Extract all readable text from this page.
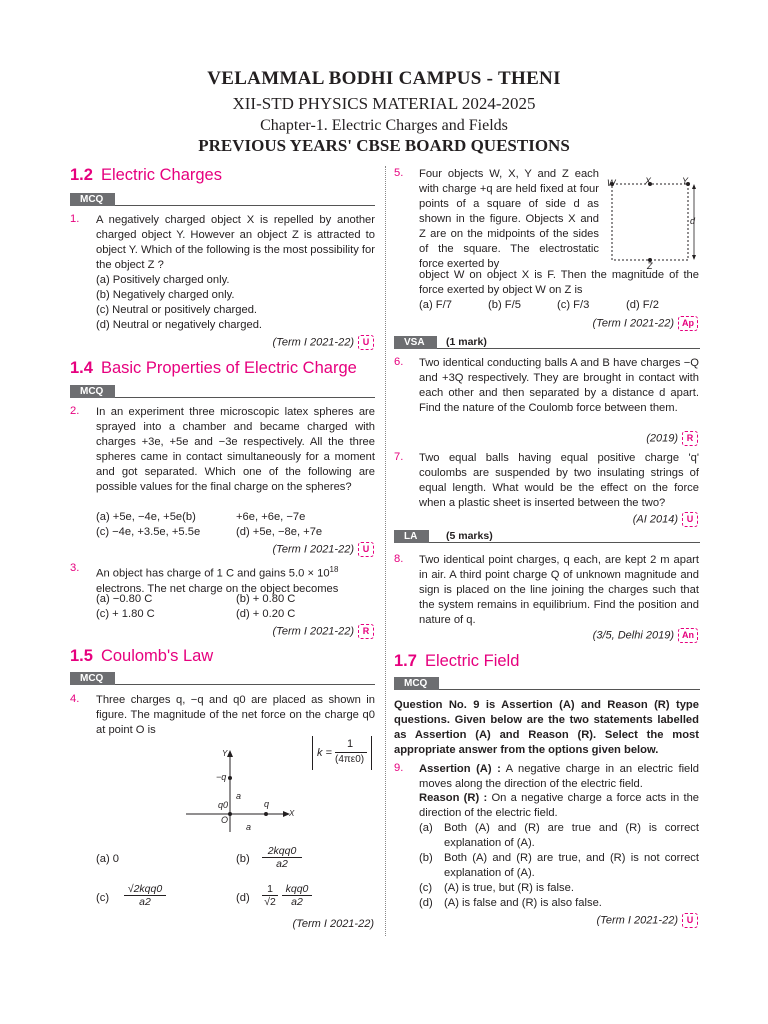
VELAMMAL BODHI CAMPUS - THENI
XII-STD PHYSICS MATERIAL 2024-2025
Chapter-1. Electric Charges and Fields
PREVIOUS YEARS' CBSE BOARD QUESTIONS
1.2 Electric Charges
MCQ
1. A negatively charged object X is repelled by another charged object Y. However an object Z is attracted to object Y. Which of the following is the most possibility for the object Z ?
(a) Positively charged only.
(b) Negatively charged only.
(c) Neutral or positively charged.
(d) Neutral or negatively charged.
(Term I 2021-22) U
1.4 Basic Properties of Electric Charge
MCQ
2. In an experiment three microscopic latex spheres are sprayed into a chamber and became charged with charges +3e, +5e and −3e respectively. All the three spheres came in contact simultaneously for a moment and got separated. Which one of the following are possible values for the final charge on the spheres?
(a) +5e, −4e, +5e(b)	+6e, +6e, −7e
(c) −4e, +3.5e, +5.5e	(d) +5e, −8e, +7e
(Term I 2021-22) U
3. An object has charge of 1 C and gains $5.0 \times 10^{18}$
electrons. The net charge on the object becomes
(a) −0.80 C	(b) + 0.80 C
(c) + 1.80 C	(d) + 0.20 C
(Term I 2021-22) R
1.5 Coulomb's Law
MCQ
4. Three charges q, −q and q0 are placed as shown in figure. The magnitude of the net force on the charge q0 at point O is
k =
1
(4πε0)
Y
X
−q
a
q0	q
O
a
(a) 0	(b)
2kqq0
a2
(c)
√2kqq0
a2	(d)
1
√2
kqq0
a2
(Term I 2021-22)
5. Four objects W, X, Y and Z each with charge +q are held fixed at four points of a square of side d as shown in the figure. Objects X and Z are on the midpoints of the sides of the square. The electrostatic force exerted by
W	X	Y
Z
d
object W on object X is F. Then the magnitude of the force exerted by object W on Z is
(a) F/7	(b) F/5	(c) F/3	(d) F/2
(Term I 2021-22) Ap
VSA	(1 mark)
6. Two identical conducting balls A and B have charges −Q and +3Q respectively. They are brought in contact with each other and then separated by a distance d apart. Find the nature of the Coulomb force between them.
(2019) R
7. Two equal balls having equal positive charge 'q' coulombs are suspended by two insulating strings of equal length. What would be the effect on the force when a plastic sheet is inserted between the two?
(AI 2014) U
LA	(5 marks)
8. Two identical point charges, q each, are kept 2 m apart in air. A third point charge Q of unknown magnitude and sign is placed on the line joining the charges such that the system remains in equilibrium. Find the position and nature of q.
(3/5, Delhi 2019) An
1.7 Electric Field
MCQ
Question No. 9 is Assertion (A) and Reason (R) type questions. Given below are the two statements labelled as Assertion (A) and Reason (R). Select the most appropriate answer from the options given below.
9. Assertion (A) : A negative charge in an electric field moves along the direction of the electric field.
Reason (R) : On a negative charge a force acts in the direction of the electric field.
(a) Both (A) and (R) are true and (R) is correct explanation of (A).
(b) Both (A) and (R) are true, and (R) is not correct explanation of (A).
(c) (A) is true, but (R) is false.
(d) (A) is false and (R) is also false.
(Term I 2021-22) U
